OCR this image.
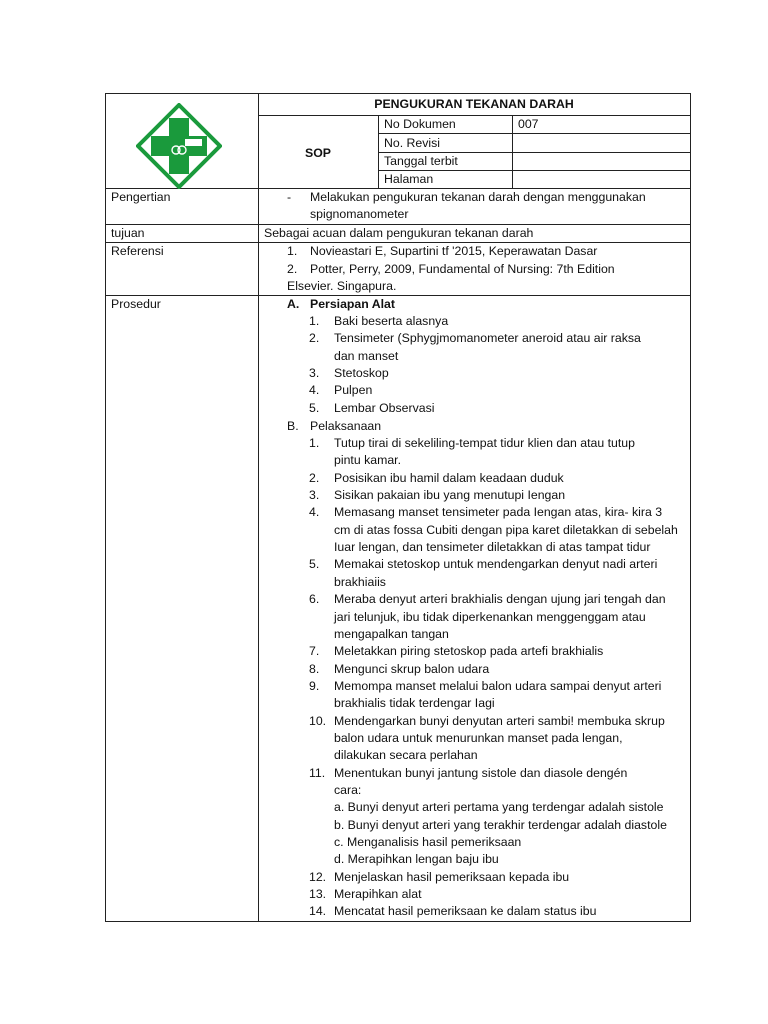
PENGUKURAN TEKANAN DARAH
SOP
No Dokumen	007
No. Revisi
Tanggal terbit
Halaman
Pengertian	- Melakukan pengukuran tekanan darah dengan menggunakan
spignomanometer
tujuan	Sebagai acuan dalam pengukuran tekanan darah
Referensi	1. Novieastari E, Supartini tf '2015, Keperawatan Dasar
2. Potter, Perry, 2009, Fundamental of Nursing: 7th Edition
Elsevier. Singapura.
Prosedur	A. Persiapan Alat
1. Baki beserta alasnya
2. Tensimeter (Sphygjmomanometer aneroid atau air raksa
dan manset
3. Stetoskop
4. Pulpen
5. Lembar Observasi
B. Pelaksanaan
1. Tutup tirai di sekeliling-tempat tidur klien dan atau tutup
pintu kamar.
2. Posisikan ibu hamil dalam keadaan duduk
3. Sisikan pakaian ibu yang menutupi Iengan
4. Memasang manset tensimeter pada Iengan atas, kira- kira 3
cm di atas fossa Cubiti dengan pipa karet diletakkan di sebelah
Iuar lengan, dan tensimeter diletakkan di atas tampat tidur
5. Memakai stetoskop untuk mendengarkan denyut nadi arteri
brakhiaiis
6. Meraba denyut arteri brakhialis dengan ujung jari tengah dan
jari telunjuk, ibu tidak diperkenankan menggenggam atau
mengapalkan tangan
7. Meletakkan piring stetoskop pada artefi brakhialis
8. Mengunci skrup balon udara
9. Memompa manset melalui balon udara sampai denyut arteri
brakhialis tidak terdengar Iagi
10. Mendengarkan bunyi denyutan arteri sambi! membuka skrup
balon udara untuk menurunkan manset pada lengan,
dilakukan secara perlahan
11. Menentukan bunyi jantung sistole dan diasole dengén
cara:
a. Bunyi denyut arteri pertama yang terdengar adalah sistole
b. Bunyi denyut arteri yang terakhir terdengar adalah diastole
c. Menganalisis hasil pemeriksaan
d. Merapihkan lengan baju ibu
12. Menjelaskan hasil pemeriksaan kepada ibu
13. Merapihkan alat
14. Mencatat hasil pemeriksaan ke dalam status ibu
